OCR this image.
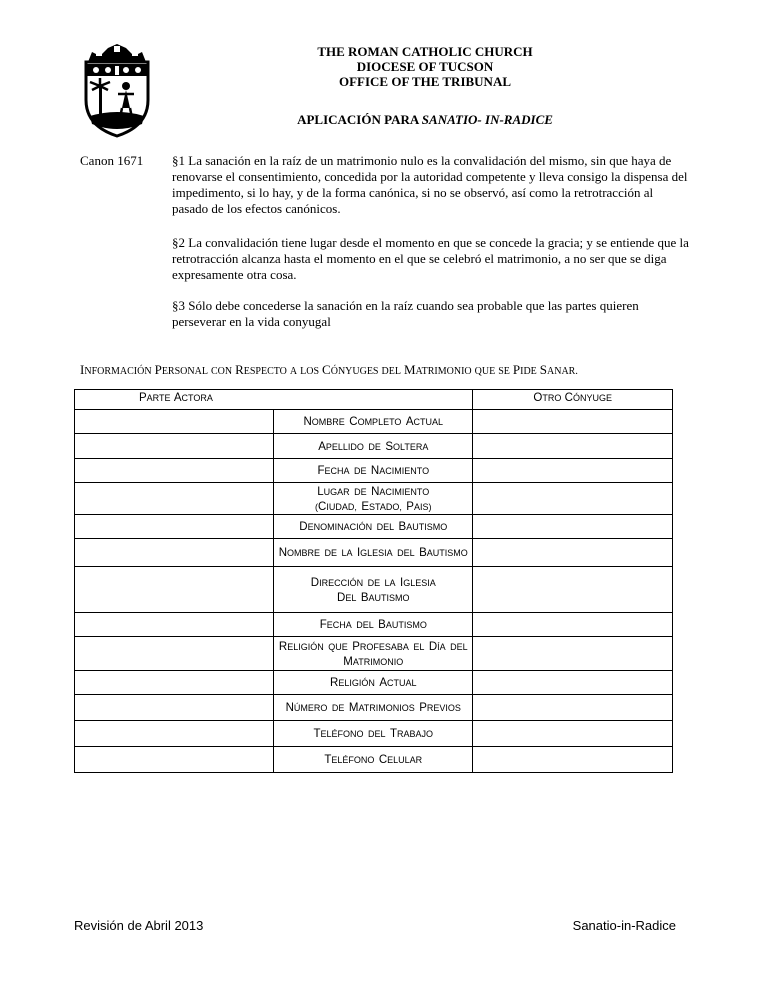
THE ROMAN CATHOLIC CHURCH
DIOCESE OF TUCSON
OFFICE OF THE TRIBUNAL
APLICACIÓN PARA SANATIO- IN-RADICE
Canon 1671 §1 La sanación en la raíz de un matrimonio nulo es la convalidación del mismo, sin que haya de renovarse el consentimiento, concedida por la autoridad competente y lleva consigo la dispensa del impedimento, si lo hay, y de la forma canónica, si no se observó, así como la retrotracción al pasado de los efectos canónicos.
§2 La convalidación tiene lugar desde el momento en que se concede la gracia; y se entiende que la retrotracción alcanza hasta el momento en el que se celebró el matrimonio, a no ser que se diga expresamente otra cosa.
§3 Sólo debe concederse la sanación en la raíz cuando sea probable que las partes quieren perseverar en la vida conyugal
INFORMACIÓN PERSONAL CON RESPECTO A LOS CÓNYUGES DEL MATRIMONIO QUE SE PIDE SANAR.
PARTE ACTORA		OTRO CÓNYUGE

	NOMBRE COMPLETO ACTUAL	

	APELLIDO DE SOLTERA	

	FECHA DE NACIMIENTO	

	LUGAR DE NACIMIENTO
(CIUDAD, ESTADO, PAIS)	

	DENOMINACIÓN DEL BAUTISMO	

	NOMBRE DE LA IGLESIA DEL BAUTISMO	

	DIRECCIÓN DE LA IGLESIA
DEL BAUTISMO	

	FECHA DEL BAUTISMO	

	RELIGIÓN QUE PROFESABA EL DÍA DEL
MATRIMONIO	

	RELIGIÓN ACTUAL	

	NÚMERO DE MATRIMONIOS PREVIOS	

	TELÉFONO DEL TRABAJO	

	TELÉFONO CELULAR	

Revisión de Abril 2013	Sanatio-in-Radice
